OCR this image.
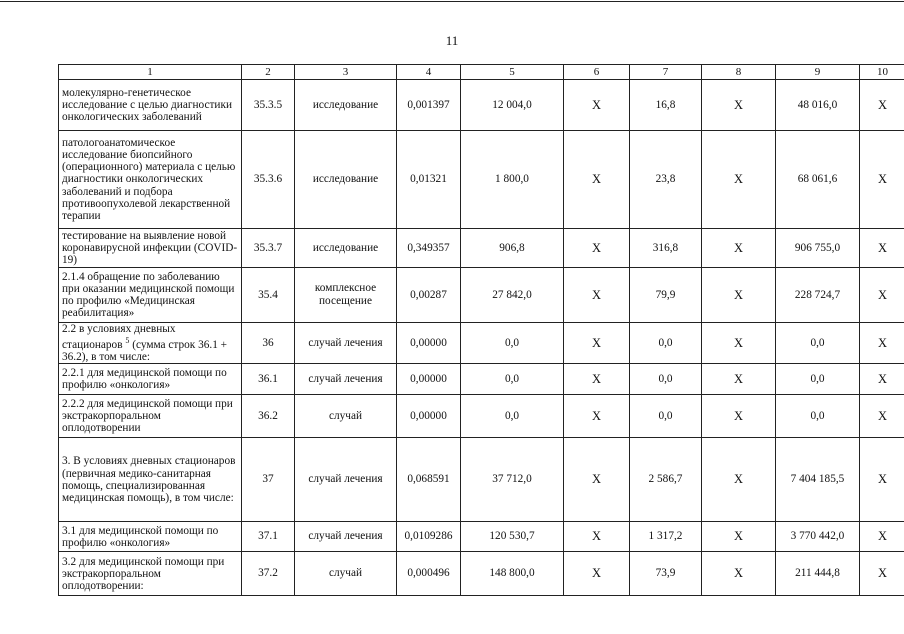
11
1	2	3	4	5	6	7	8	9	10
молекулярно-генетическое исследование с целью диагностики онкологических заболеваний	35.3.5	исследование	0,001397	12 004,0	X	16,8	X	48 016,0	X
патологоанатомическое исследование биопсийного (операционного) материала с целью диагностики онкологических заболеваний и подбора противоопухолевой лекарственной терапии	35.3.6	исследование	0,01321	1 800,0	X	23,8	X	68 061,6	X
тестирование на выявление новой коронавирусной инфекции (COVID-19)	35.3.7	исследование	0,349357	906,8	X	316,8	X	906 755,0	X
2.1.4 обращение по заболеванию при оказании медицинской помощи по профилю «Медицинская реабилитация»	35.4	комплексное посещение	0,00287	27 842,0	X	79,9	X	228 724,7	X
2.2 в условиях дневных стационаров $^5$ (сумма строк 36.1 + 36.2), в том числе:	36	случай лечения	0,00000	0,0	X	0,0	X	0,0	X
2.2.1 для медицинской помощи по профилю «онкология»	36.1	случай лечения	0,00000	0,0	X	0,0	X	0,0	X
2.2.2 для медицинской помощи при экстракорпоральном оплодотворении	36.2	случай	0,00000	0,0	X	0,0	X	0,0	X
3. В условиях дневных стационаров (первичная медико-санитарная помощь, специализированная медицинская помощь), в том числе:	37	случай лечения	0,068591	37 712,0	X	2 586,7	X	7 404 185,5	X
3.1 для медицинской помощи по профилю «онкология»	37.1	случай лечения	0,0109286	120 530,7	X	1 317,2	X	3 770 442,0	X
3.2 для медицинской помощи при экстракорпоральном оплодотворении:	37.2	случай	0,000496	148 800,0	X	73,9	X	211 444,8	X
